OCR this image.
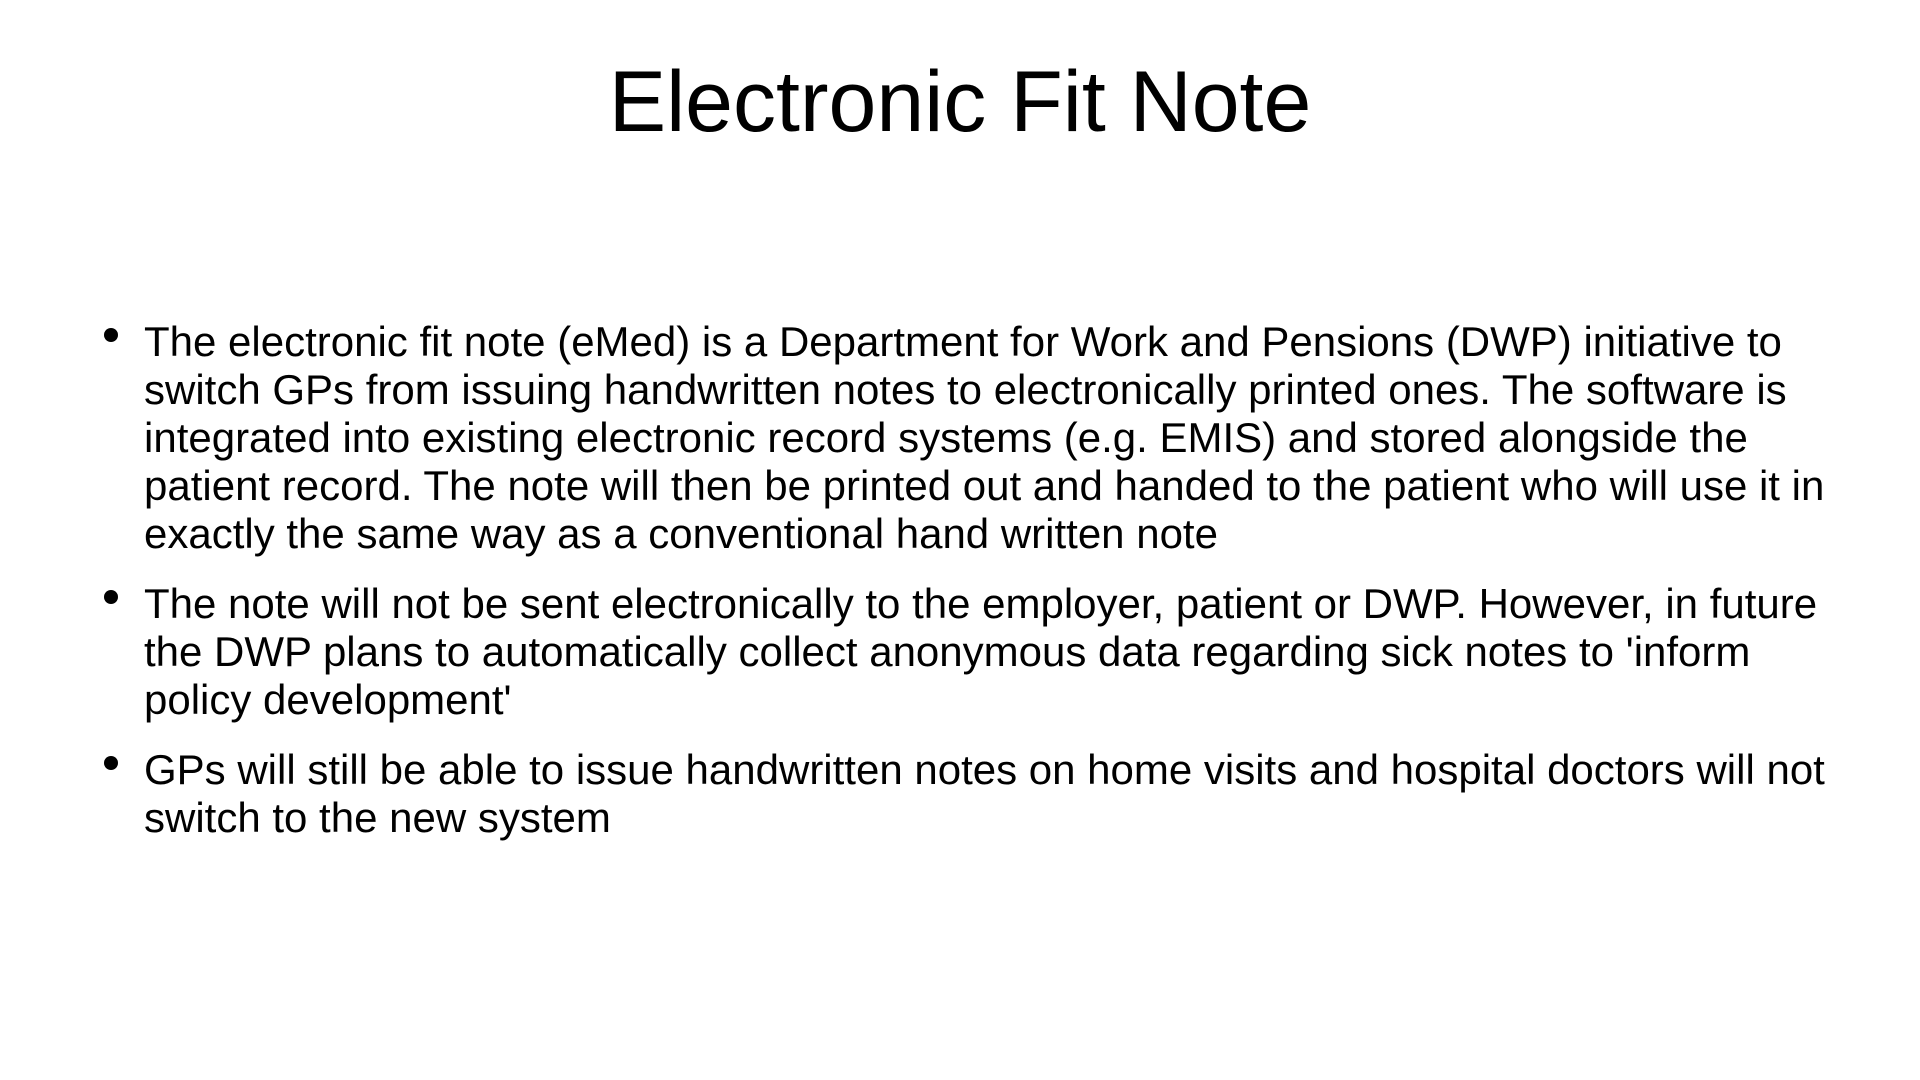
Electronic Fit Note
The electronic fit note (eMed) is a Department for Work and Pensions (DWP) initiative to switch GPs from issuing handwritten notes to electronically printed ones. The software is integrated into existing electronic record systems (e.g. EMIS) and stored alongside the patient record. The note will then be printed out and handed to the patient who will use it in exactly the same way as a conventional hand written note
The note will not be sent electronically to the employer, patient or DWP. However, in future the DWP plans to automatically collect anonymous data regarding sick notes to 'inform policy development'
GPs will still be able to issue handwritten notes on home visits and hospital doctors will not switch to the new system
